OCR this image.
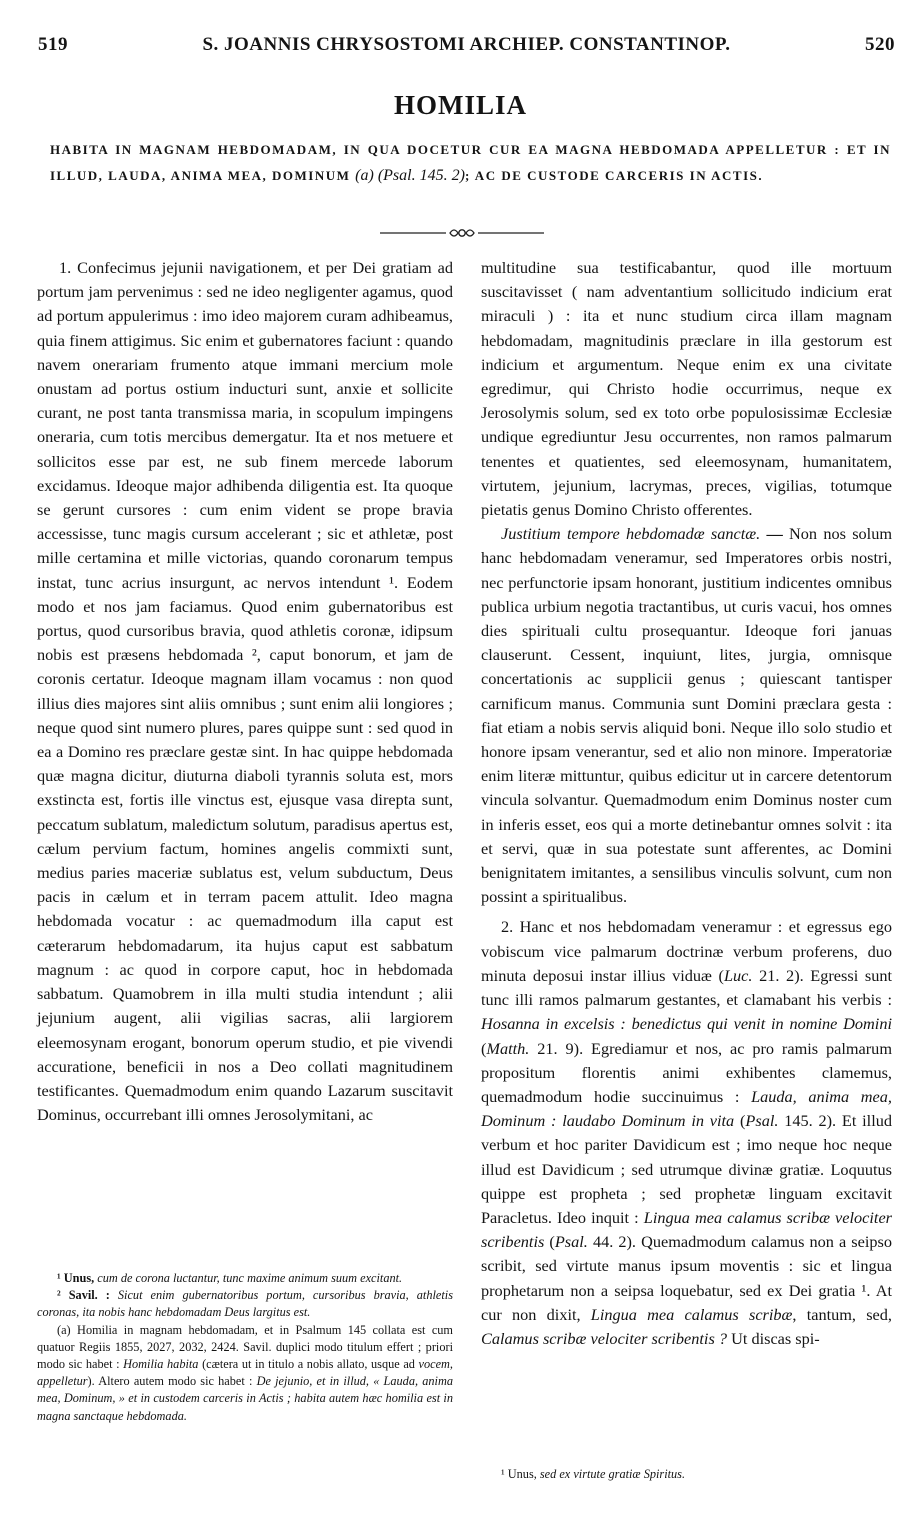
519	S. JOANNIS CHRYSOSTOMI ARCHIEP. CONSTANTINOP.	520
HOMILIA
HABITA IN MAGNAM HEBDOMADAM, IN QUA DOCETUR CUR EA MAGNA HEBDOMADA APPELLETUR : ET IN ILLUD, LAUDA, ANIMA MEA, DOMINUM (a) (Psal. 145. 2); AC DE CUSTODE CARCERIS IN ACTIS.

1. Confecimus jejunii navigationem, et per Dei gratiam ad portum jam pervenimus : sed ne ideo negligenter agamus, quod ad portum appulerimus : imo ideo majorem curam adhibeamus, quia finem attigimus. Sic enim et gubernatores faciunt : quando navem onerariam frumento atque immani mercium mole onustam ad portus ostium inducturi sunt, anxie et sollicite curant, ne post tanta transmissa maria, in scopulum impingens oneraria, cum totis mercibus demergatur. Ita et nos metuere et sollicitos esse par est, ne sub finem mercede laborum excidamus. Ideoque major adhibenda diligentia est. Ita quoque se gerunt cursores : cum enim vident se prope bravia accessisse, tunc magis cursum accelerant ; sic et athletæ, post mille certamina et mille victorias, quando coronarum tempus instat, tunc acrius insurgunt, ac nervos intendunt ¹. Eodem modo et nos jam faciamus. Quod enim gubernatoribus est portus, quod cursoribus bravia, quod athletis coronæ, idipsum nobis est præsens hebdomada ², caput bonorum, et jam de coronis certatur. Ideoque magnam illam vocamus : non quod illius dies majores sint aliis omnibus ; sunt enim alii longiores ; neque quod sint numero plures, pares quippe sunt : sed quod in ea a Domino res præclare gestæ sint. In hac quippe hebdomada quæ magna dicitur, diuturna diaboli tyrannis soluta est, mors exstincta est, fortis ille vinctus est, ejusque vasa direpta sunt, peccatum sublatum, maledictum solutum, paradisus apertus est, cælum pervium factum, homines angelis commixti sunt, medius paries maceriæ sublatus est, velum subductum, Deus pacis in cælum et in terram pacem attulit. Ideo magna hebdomada vocatur : ac quemadmodum illa caput est cæterarum hebdomadarum, ita hujus caput est sabbatum magnum : ac quod in corpore caput, hoc in hebdomada sabbatum. Quamobrem in illa multi studia intendunt ; alii jejunium augent, alii vigilias sacras, alii largiorem eleemosynam erogant, bonorum operum studio, et pie vivendi accuratione, beneficii in nos a Deo collati magnitudinem testificantes. Quemadmodum enim quando Lazarum suscitavit Dominus, occurrebant illi omnes Jerosolymitani, ac

multitudine sua testificabantur, quod ille mortuum suscitavisset ( nam adventantium sollicitudo indicium erat miraculi ) : ita et nunc studium circa illam magnam hebdomadam, magnitudinis præclare in illa gestorum est indicium et argumentum. Neque enim ex una civitate egredimur, qui Christo hodie occurrimus, neque ex Jerosolymis solum, sed ex toto orbe populosissimæ Ecclesiæ undique egrediuntur Jesu occurrentes, non ramos palmarum tenentes et quatientes, sed eleemosynam, humanitatem, virtutem, jejunium, lacrymas, preces, vigilias, totumque pietatis genus Domino Christo offerentes.

Justitium tempore hebdomadæ sanctæ. — Non nos solum hanc hebdomadam veneramur, sed Imperatores orbis nostri, nec perfunctorie ipsam honorant, justitium indicentes omnibus publica urbium negotia tractantibus, ut curis vacui, hos omnes dies spirituali cultu prosequantur. Ideoque fori januas clauserunt. Cessent, inquiunt, lites, jurgia, omnisque concertationis ac supplicii genus ; quiescant tantisper carnificum manus. Communia sunt Domini præclara gesta : fiat etiam a nobis servis aliquid boni. Neque illo solo studio et honore ipsam venerantur, sed et alio non minore. Imperatoriæ enim literæ mittuntur, quibus edicitur ut in carcere detentorum vincula solvantur. Quemadmodum enim Dominus noster cum in inferis esset, eos qui a morte detinebantur omnes solvit : ita et servi, quæ in sua potestate sunt afferentes, ac Domini benignitatem imitantes, a sensilibus vinculis solvunt, cum non possint a spiritualibus.

2. Hanc et nos hebdomadam veneramur : et egressus ego vobiscum vice palmarum doctrinæ verbum proferens, duo minuta deposui instar illius viduæ (Luc. 21. 2). Egressi sunt tunc illi ramos palmarum gestantes, et clamabant his verbis : Hosanna in excelsis : benedictus qui venit in nomine Domini (Matth. 21. 9). Egrediamur et nos, ac pro ramis palmarum propositum florentis animi exhibentes clamemus, quemadmodum hodie succinuimus : Lauda, anima mea, Dominum : laudabo Dominum in vita (Psal. 145. 2). Et illud verbum et hoc pariter Davidicum est ; imo neque hoc neque illud est Davidicum ; sed utrumque divinæ gratiæ. Loquutus quippe est propheta ; sed prophetæ linguam excitavit Paracletus. Ideo inquit : Lingua mea calamus scribæ velociter scribentis (Psal. 44. 2). Quemadmodum calamus non a seipso scribit, sed virtute manus ipsum moventis : sic et lingua prophetarum non a seipsa loquebatur, sed ex Dei gratia ¹. At cur non dixit, Lingua mea calamus scribæ, tantum, sed, Calamus scribæ velociter scribentis ? Ut discas spi-

¹ Unus, cum de corona luctantur, tunc maxime animum suum excitant.

² Savil. : Sicut enim gubernatoribus portum, cursoribus bravia, athletis coronas, ita nobis hanc hebdomadam Deus largitus est.

(a) Homilia in magnam hebdomadam, et in Psalmum 145 collata est cum quatuor Regiis 1855, 2027, 2032, 2424. Savil. duplici modo titulum effert ; priori modo sic habet : Homilia habita (cætera ut in titulo a nobis allato, usque ad vocem, appelletur). Altero autem modo sic habet : De jejunio, et in illud, « Lauda, anima mea, Dominum, » et in custodem carceris in Actis ; habita autem hæc homilia est in magna sanctaque hebdomada.

¹ Unus, sed ex virtute gratiæ Spiritus.
